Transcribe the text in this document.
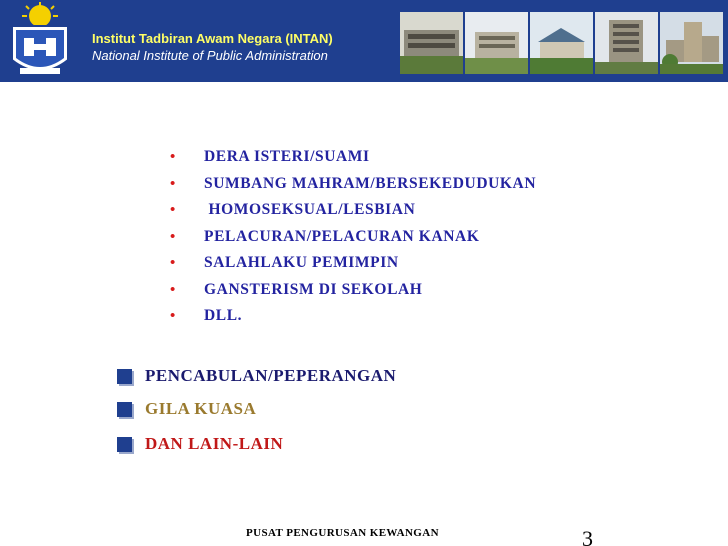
Institut Tadbiran Awam Negara (INTAN)
National Institute of Public Administration
• DERA ISTERI/SUAMI
• SUMBANG MAHRAM/BERSEKEDUDUKAN
• HOMOSEKSUAL/LESBIAN
• PELACURAN/PELACURAN KANAK
• SALAHLAKU PEMIMPIN
• GANSTERISM DI SEKOLAH
• DLL.
PENCABULAN/PEPERANGAN
GILA KUASA
DAN LAIN-LAIN
PUSAT PENGURUSAN KEWANGAN	3
